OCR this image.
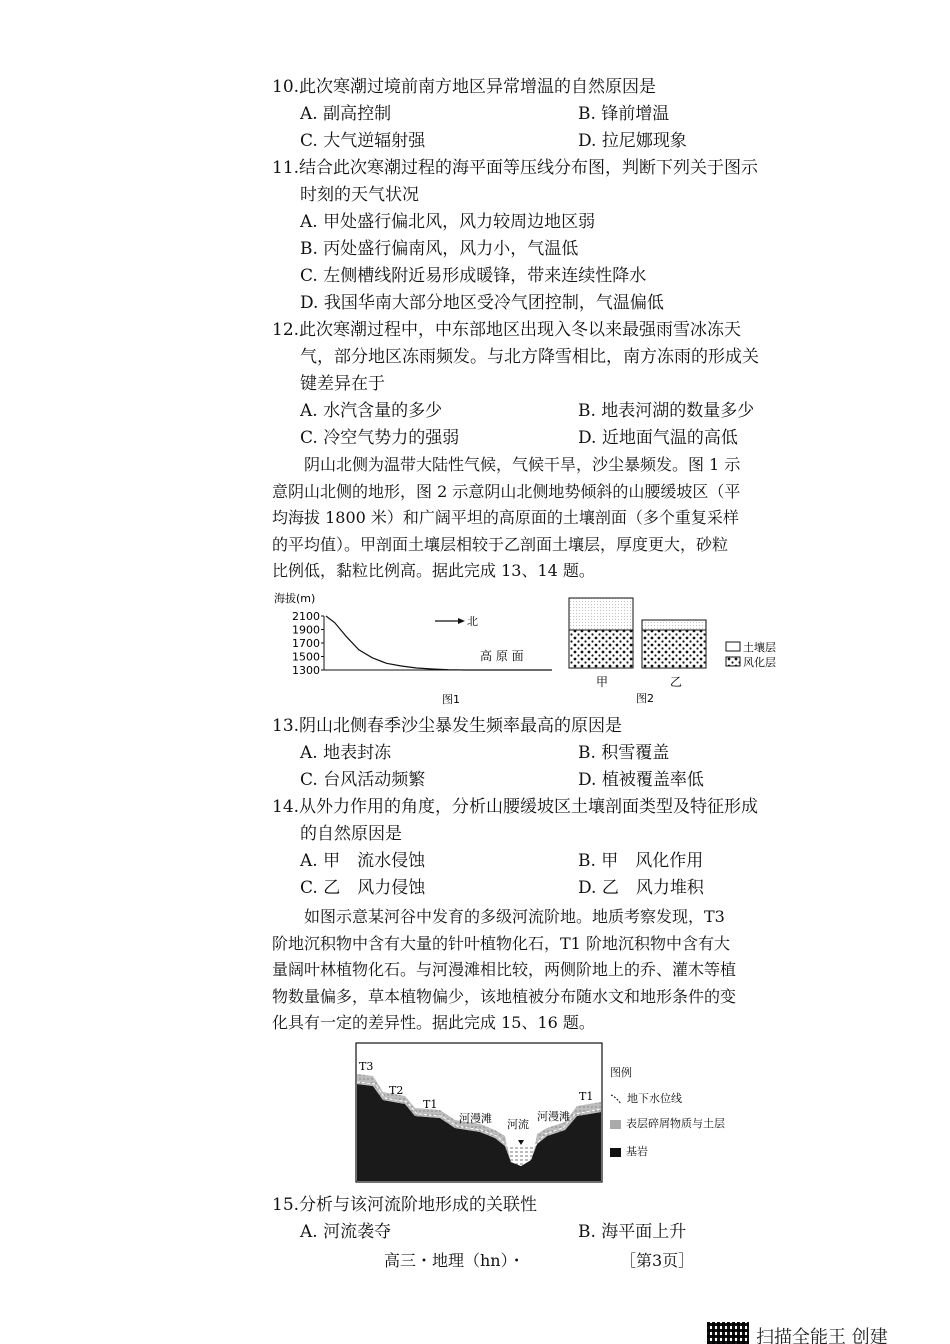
10.此次寒潮过境前南方地区异常增温的自然原因是
A. 副高控制	B. 锋前增温
C. 大气逆辐射强	D. 拉尼娜现象
11.结合此次寒潮过程的海平面等压线分布图，判断下列关于图示
时刻的天气状况
A. 甲处盛行偏北风，风力较周边地区弱
B. 丙处盛行偏南风，风力小，气温低
C. 左侧槽线附近易形成暖锋，带来连续性降水
D. 我国华南大部分地区受冷气团控制，气温偏低
12.此次寒潮过程中，中东部地区出现入冬以来最强雨雪冰冻天
气，部分地区冻雨频发。与北方降雪相比，南方冻雨的形成关
键差异在于
A. 水汽含量的多少	B. 地表河湖的数量多少
C. 冷空气势力的强弱	D. 近地面气温的高低

　　阴山北侧为温带大陆性气候，气候干旱，沙尘暴频发。图 1 示

意阴山北侧的地形，图 2 示意阴山北侧地势倾斜的山腰缓坡区（平

均海拔 1800 米）和广阔平坦的高原面的土壤剖面（多个重复采样

的平均值）。甲剖面土壤层相较于乙剖面土壤层，厚度更大，砂粒

比例低，黏粒比例高。据此完成 13、14 题。

海拔(m)
2100
1900
1700
1500
1300
北
高 原 面
图1
甲	乙
图2
土壤层
风化层
13.阴山北侧春季沙尘暴发生频率最高的原因是
A. 地表封冻	B. 积雪覆盖
C. 台风活动频繁	D. 植被覆盖率低
14.从外力作用的角度，分析山腰缓坡区土壤剖面类型及特征形成
的自然原因是
A. 甲　流水侵蚀	B. 甲　风化作用
C. 乙　风力侵蚀	D. 乙　风力堆积

　　如图示意某河谷中发育的多级河流阶地。地质考察发现，T3

阶地沉积物中含有大量的针叶植物化石，T1 阶地沉积物中含有大

量阔叶林植物化石。与河漫滩相比较，两侧阶地上的乔、灌木等植

物数量偏多，草本植物偏少，该地植被分布随水文和地形条件的变

化具有一定的差异性。据此完成 15、16 题。

T3
T2
T1
T1
河漫滩	河漫滩
河流
图例
地下水位线
表层碎屑物质与土层
基岩
15.分析与该河流阶地形成的关联性
A. 河流袭夺	B. 海平面上升
高三・地理（hn）・	［第3页］
扫描全能王 创建
